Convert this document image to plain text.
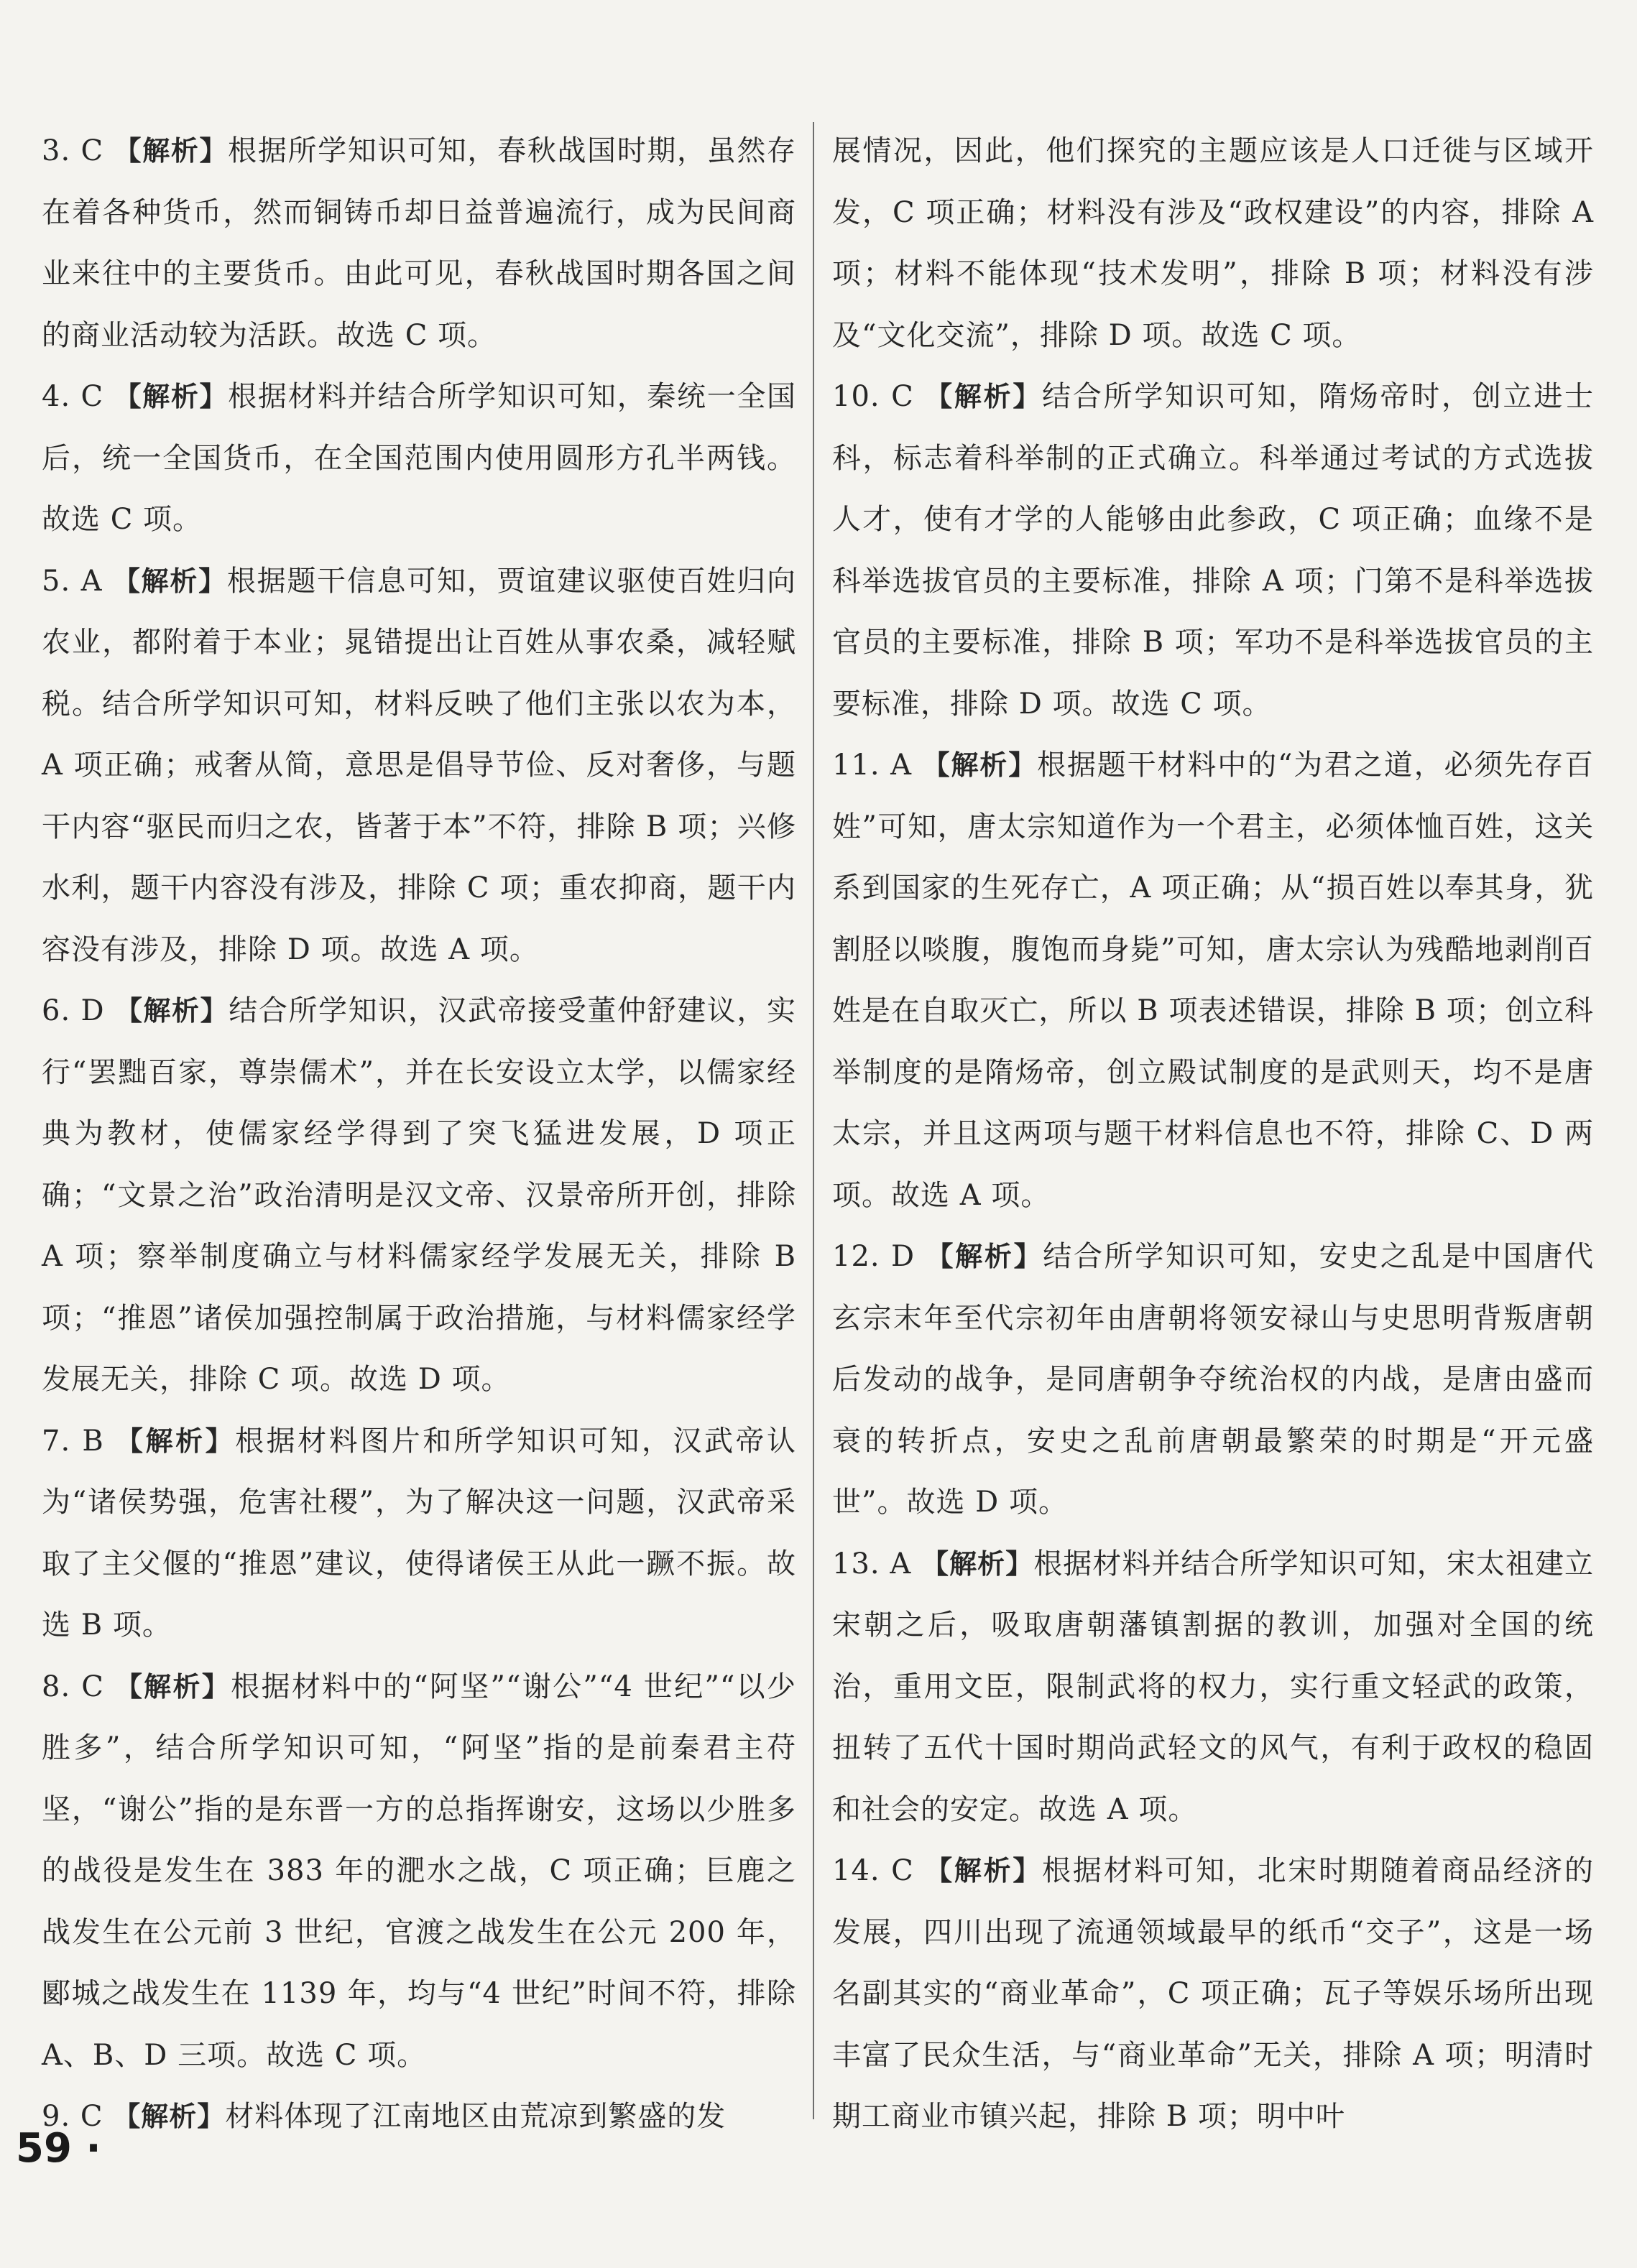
3. C 【解析】根据所学知识可知，春秋战国时期，虽然存在着各种货币，然而铜铸币却日益普遍流行，成为民间商业来往中的主要货币。由此可见，春秋战国时期各国之间的商业活动较为活跃。故选 C 项。

4. C 【解析】根据材料并结合所学知识可知，秦统一全国后，统一全国货币，在全国范围内使用圆形方孔半两钱。故选 C 项。

5. A 【解析】根据题干信息可知，贾谊建议驱使百姓归向农业，都附着于本业；晁错提出让百姓从事农桑，减轻赋税。结合所学知识可知，材料反映了他们主张以农为本，A 项正确；戒奢从简，意思是倡导节俭、反对奢侈，与题干内容“驱民而归之农，皆著于本”不符，排除 B 项；兴修水利，题干内容没有涉及，排除 C 项；重农抑商，题干内容没有涉及，排除 D 项。故选 A 项。

6. D 【解析】结合所学知识，汉武帝接受董仲舒建议，实行“罢黜百家，尊崇儒术”，并在长安设立太学，以儒家经典为教材，使儒家经学得到了突飞猛进发展，D 项正确；“文景之治”政治清明是汉文帝、汉景帝所开创，排除 A 项；察举制度确立与材料儒家经学发展无关，排除 B 项；“推恩”诸侯加强控制属于政治措施，与材料儒家经学发展无关，排除 C 项。故选 D 项。

7. B 【解析】根据材料图片和所学知识可知，汉武帝认为“诸侯势强，危害社稷”，为了解决这一问题，汉武帝采取了主父偃的“推恩”建议，使得诸侯王从此一蹶不振。故选 B 项。

8. C 【解析】根据材料中的“阿坚”“谢公”“4 世纪”“以少胜多”，结合所学知识可知，“阿坚”指的是前秦君主苻坚，“谢公”指的是东晋一方的总指挥谢安，这场以少胜多的战役是发生在 383 年的淝水之战，C 项正确；巨鹿之战发生在公元前 3 世纪，官渡之战发生在公元 200 年，郾城之战发生在 1139 年，均与“4 世纪”时间不符，排除 A、B、D 三项。故选 C 项。

9. C 【解析】材料体现了江南地区由荒凉到繁盛的发

展情况，因此，他们探究的主题应该是人口迁徙与区域开发，C 项正确；材料没有涉及“政权建设”的内容，排除 A 项；材料不能体现“技术发明”，排除 B 项；材料没有涉及“文化交流”，排除 D 项。故选 C 项。

10. C 【解析】结合所学知识可知，隋炀帝时，创立进士科，标志着科举制的正式确立。科举通过考试的方式选拔人才，使有才学的人能够由此参政，C 项正确；血缘不是科举选拔官员的主要标准，排除 A 项；门第不是科举选拔官员的主要标准，排除 B 项；军功不是科举选拔官员的主要标准，排除 D 项。故选 C 项。

11. A 【解析】根据题干材料中的“为君之道，必须先存百姓”可知，唐太宗知道作为一个君主，必须体恤百姓，这关系到国家的生死存亡，A 项正确；从“损百姓以奉其身，犹割胫以啖腹，腹饱而身毙”可知，唐太宗认为残酷地剥削百姓是在自取灭亡，所以 B 项表述错误，排除 B 项；创立科举制度的是隋炀帝，创立殿试制度的是武则天，均不是唐太宗，并且这两项与题干材料信息也不符，排除 C、D 两项。故选 A 项。

12. D 【解析】结合所学知识可知，安史之乱是中国唐代玄宗末年至代宗初年由唐朝将领安禄山与史思明背叛唐朝后发动的战争，是同唐朝争夺统治权的内战，是唐由盛而衰的转折点，安史之乱前唐朝最繁荣的时期是“开元盛世”。故选 D 项。

13. A 【解析】根据材料并结合所学知识可知，宋太祖建立宋朝之后，吸取唐朝藩镇割据的教训，加强对全国的统治，重用文臣，限制武将的权力，实行重文轻武的政策，扭转了五代十国时期尚武轻文的风气，有利于政权的稳固和社会的安定。故选 A 项。

14. C 【解析】根据材料可知，北宋时期随着商品经济的发展，四川出现了流通领域最早的纸币“交子”，这是一场名副其实的“商业革命”，C 项正确；瓦子等娱乐场所出现丰富了民众生活，与“商业革命”无关，排除 A 项；明清时期工商业市镇兴起，排除 B 项；明中叶

59 ·
